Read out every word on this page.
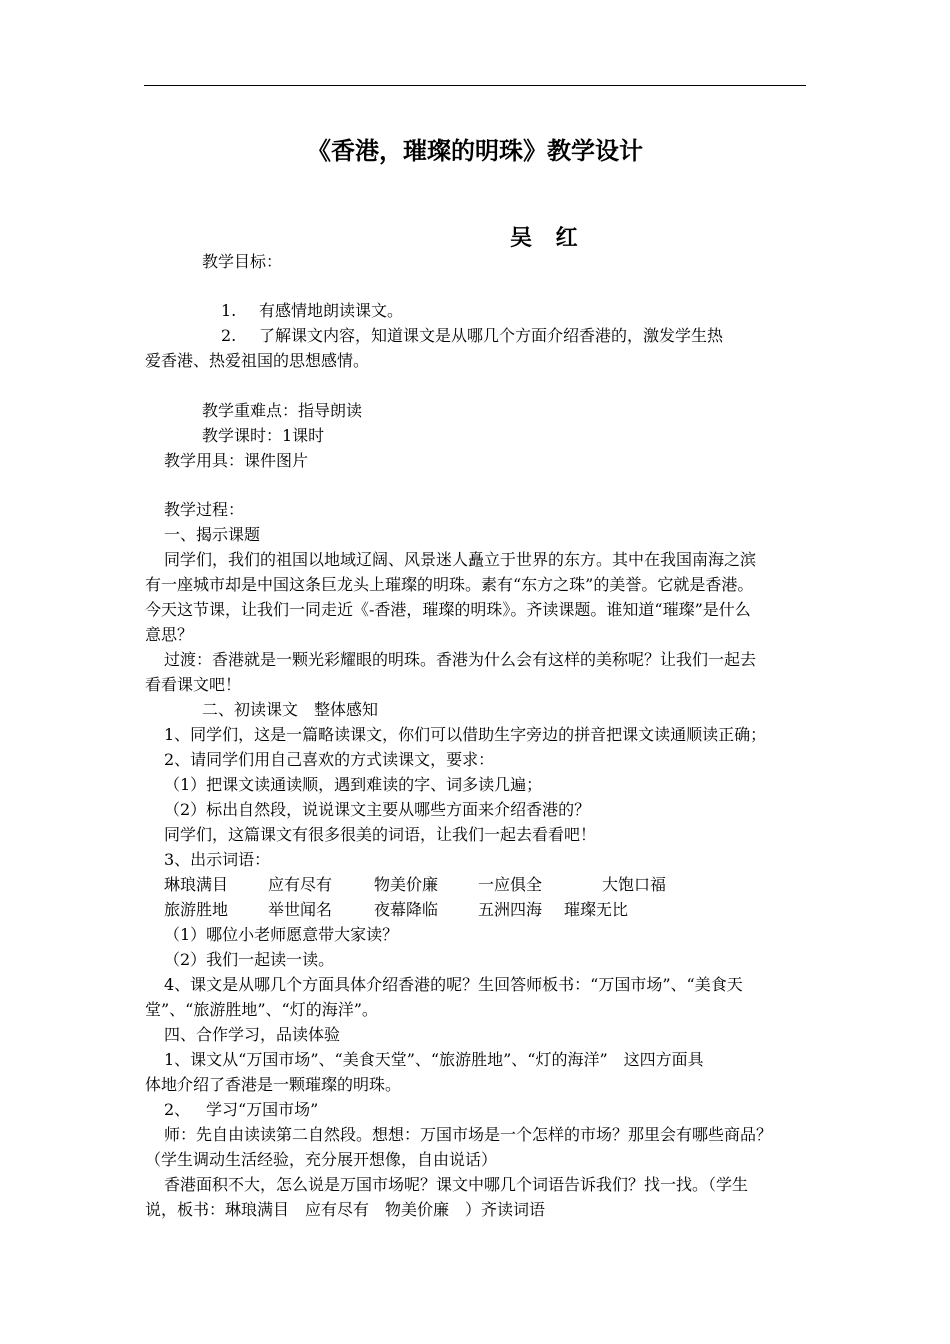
《香港，璀璨的明珠》教学设计
吴 红
教学目标：
1. 有感情地朗读课文。
2. 了解课文内容，知道课文是从哪几个方面介绍香港的，激发学生热
爱香港、热爱祖国的思想感情。
教学重难点：指导朗读
教学课时：1课时
教学用具：课件图片
教学过程：
一、揭示课题
同学们，我们的祖国以地域辽阔、风景迷人矗立于世界的东方。其中在我国南海之滨
有一座城市却是中国这条巨龙头上璀璨的明珠。素有“东方之珠”的美誉。它就是香港。
今天这节课，让我们一同走近《-香港，璀璨的明珠》。齐读课题。谁知道“璀璨”是什么
意思？
过渡：香港就是一颗光彩耀眼的明珠。香港为什么会有这样的美称呢？让我们一起去
看看课文吧！
二、初读课文　整体感知
1、同学们，这是一篇略读课文，你们可以借助生字旁边的拼音把课文读通顺读正确；
2、请同学们用自己喜欢的方式读课文，要求：
（1）把课文读通读顺，遇到难读的字、词多读几遍；
（2）标出自然段，说说课文主要从哪些方面来介绍香港的？
同学们，这篇课文有很多很美的词语，让我们一起去看看吧！
3、出示词语：
琳琅满目 应有尽有	物美价廉 一应俱全	大饱口福
旅游胜地 举世闻名	夜幕降临 五洲四海 璀璨无比
（1）哪位小老师愿意带大家读？
（2）我们一起读一读。
4、课文是从哪几个方面具体介绍香港的呢？生回答师板书：“万国市场”、“美食天
堂”、“旅游胜地”、“灯的海洋”。
四、合作学习，品读体验
1、课文从“万国市场”、“美食天堂”、“旅游胜地”、“灯的海洋”　这四方面具
体地介绍了香港是一颗璀璨的明珠。
2、 学习“万国市场”
师：先自由读读第二自然段。想想：万国市场是一个怎样的市场？那里会有哪些商品？
（学生调动生活经验，充分展开想像，自由说话）
香港面积不大，怎么说是万国市场呢？课文中哪几个词语告诉我们？找一找。（学生
说，板书：琳琅满目　应有尽有　物美价廉　）齐读词语
